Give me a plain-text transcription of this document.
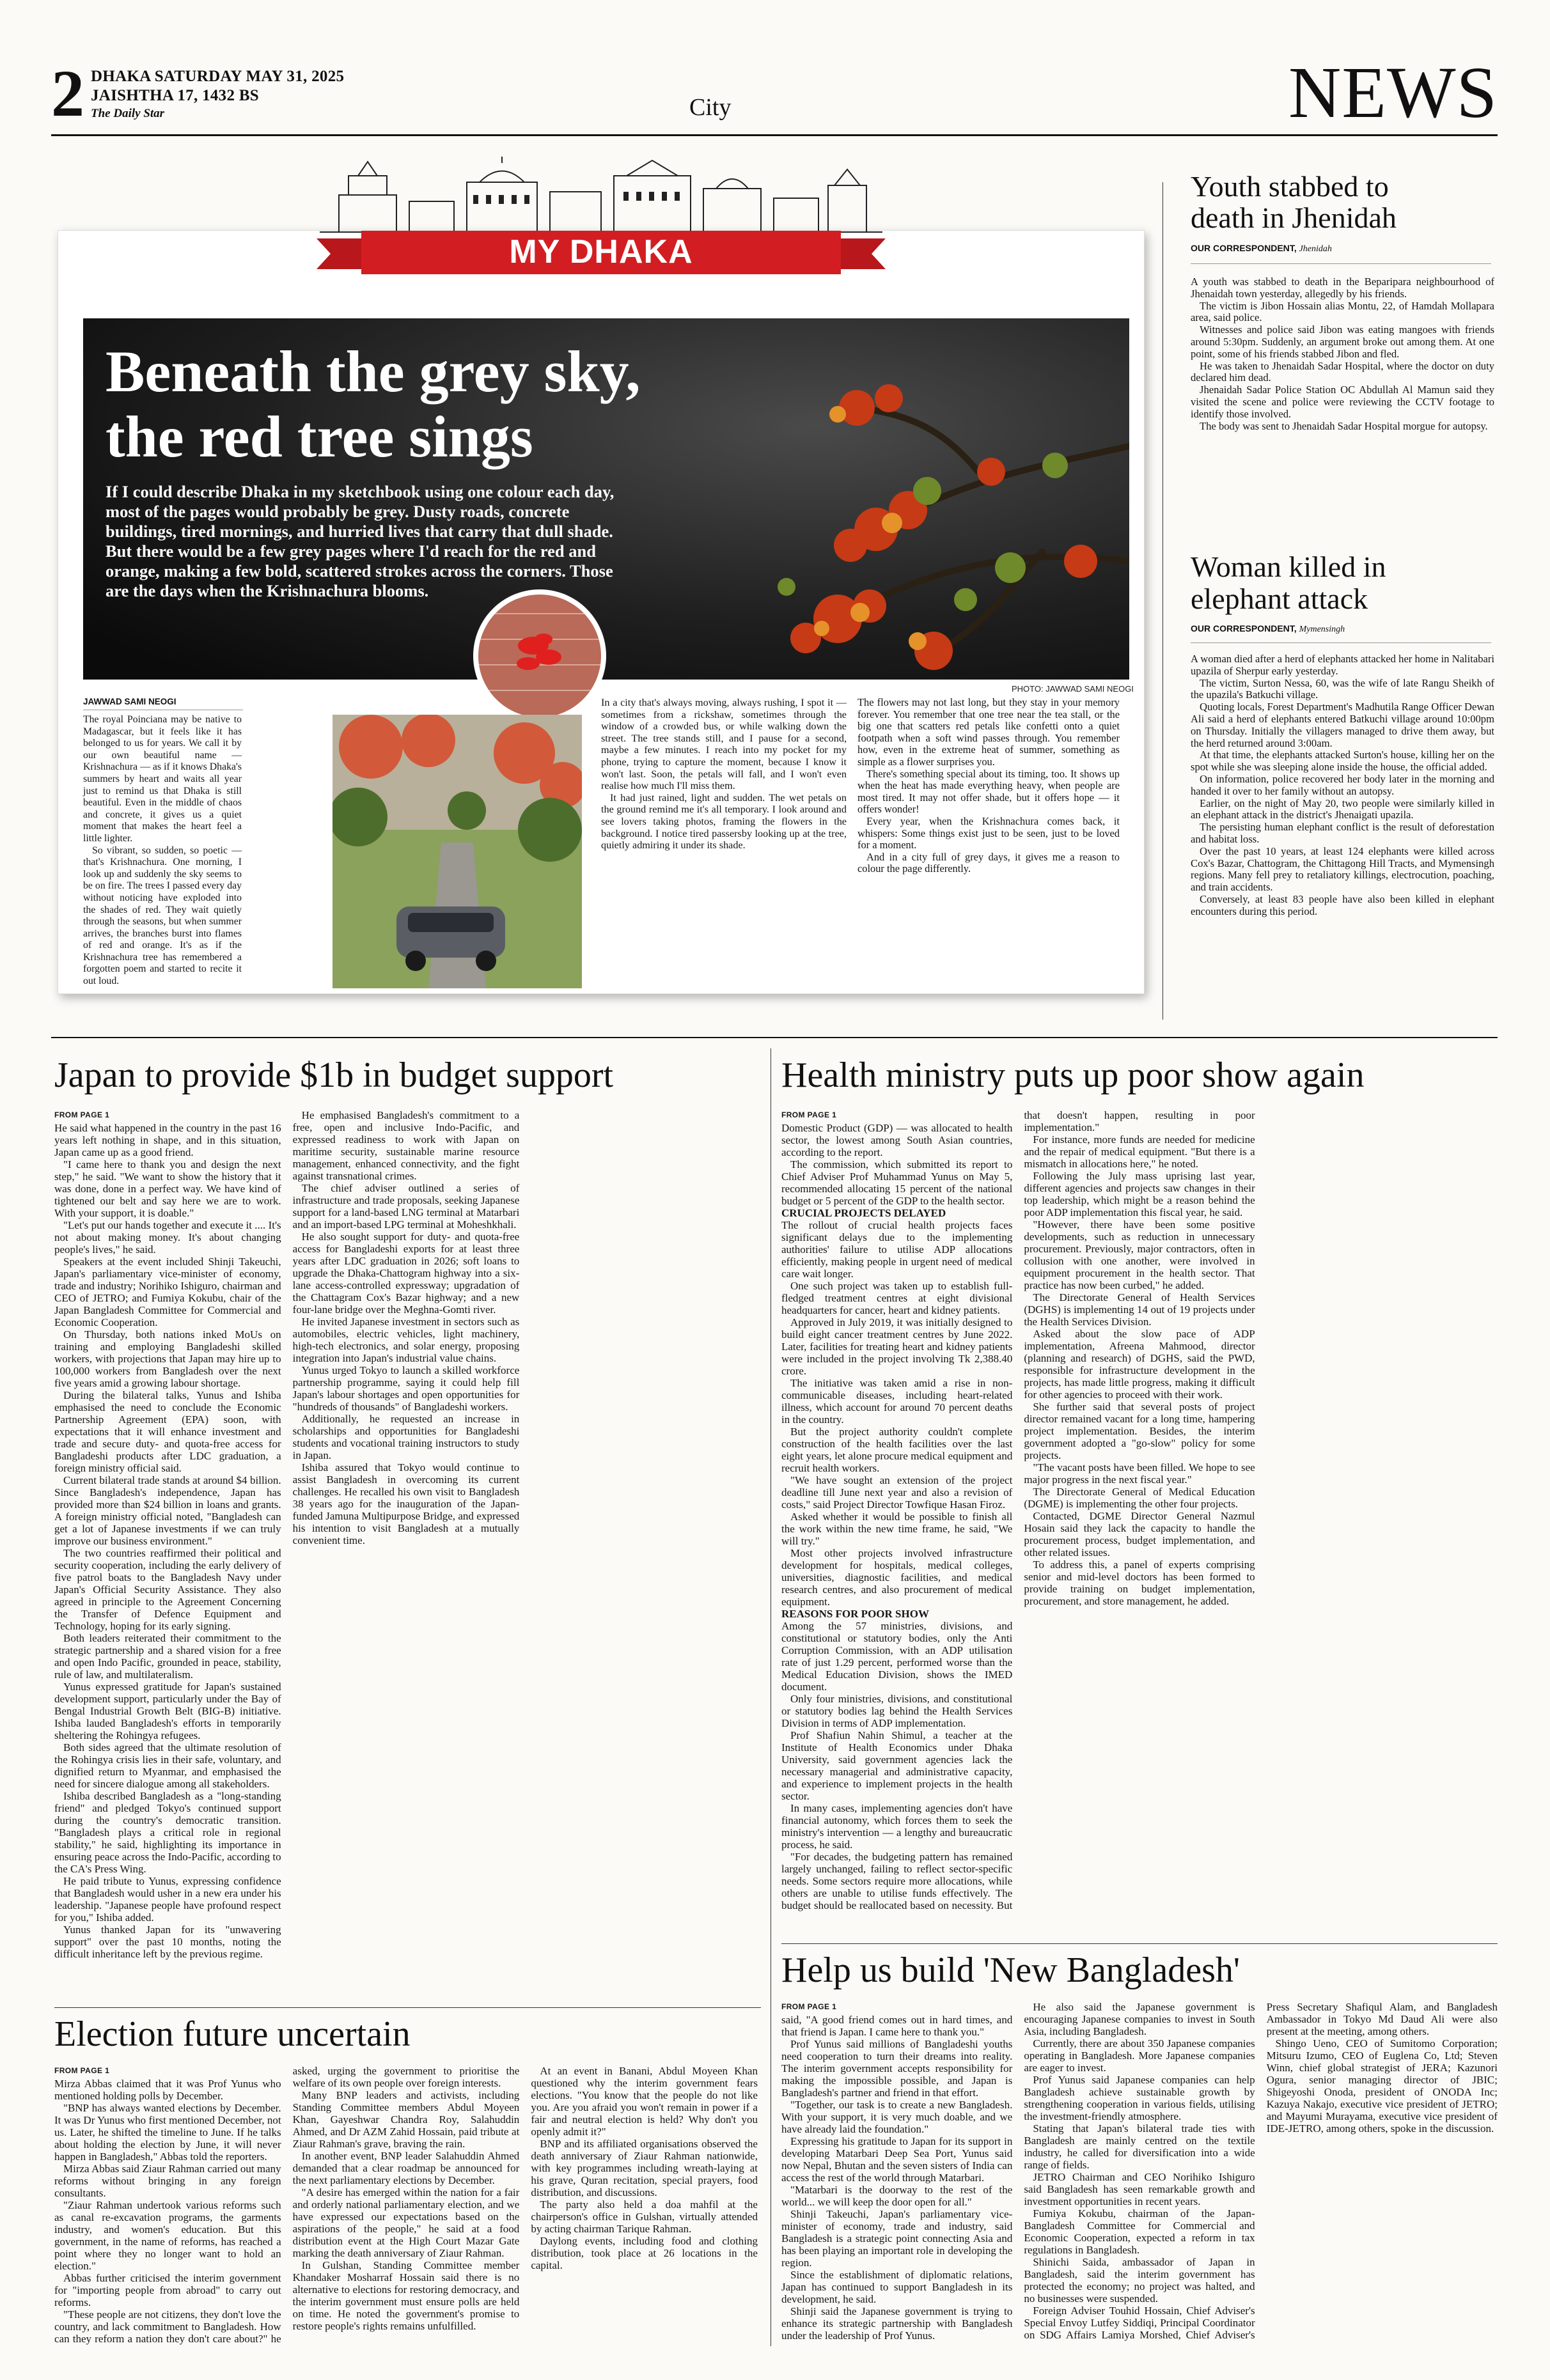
2 DHAKA SATURDAY MAY 31, 2025
JAISHTHA 17, 1432 BS
The Daily Star	City	NEWS
MY DHAKA
Beneath the grey sky,
the red tree sings
If I could describe Dhaka in my sketchbook using one colour each day, most of the pages would probably be grey. Dusty roads, concrete buildings, tired mornings, and hurried lives that carry that dull shade. But there would be a few grey pages where I'd reach for the red and orange, making a few bold, scattered strokes across the corners. Those are the days when the Krishnachura blooms.
PHOTO: JAWWAD SAMI NEOGI
JAWWAD SAMI NEOGI

The royal Poinciana may be native to Madagascar, but it feels like it has belonged to us for years. We call it by our own beautiful name — Krishnachura — as if it knows Dhaka's summers by heart and waits all year just to remind us that Dhaka is still beautiful. Even in the middle of chaos and concrete, it gives us a quiet moment that makes the heart feel a little lighter.

So vibrant, so sudden, so poetic — that's Krishnachura. One morning, I look up and suddenly the sky seems to be on fire. The trees I passed every day without noticing have exploded into the shades of red. They wait quietly through the seasons, but when summer arrives, the branches burst into flames of red and orange. It's as if the Krishnachura tree has remembered a forgotten poem and started to recite it out loud.

In a city that's always moving, always rushing, I spot it — sometimes from a rickshaw, sometimes through the window of a crowded bus, or while walking down the street. The tree stands still, and I pause for a second, maybe a few minutes. I reach into my pocket for my phone, trying to capture the moment, because I know it won't last. Soon, the petals will fall, and I won't even realise how much I'll miss them.

It had just rained, light and sudden. The wet petals on the ground remind me it's all temporary. I look around and see lovers taking photos, framing the flowers in the background. I notice tired passersby looking up at the tree, quietly admiring it under its shade.

The flowers may not last long, but they stay in your memory forever. You remember that one tree near the tea stall, or the big one that scatters red petals like confetti onto a quiet footpath when a soft wind passes through. You remember how, even in the extreme heat of summer, something as simple as a flower surprises you.

There's something special about its timing, too. It shows up when the heat has made everything heavy, when people are most tired. It may not offer shade, but it offers hope — it offers wonder!

Every year, when the Krishnachura comes back, it whispers: Some things exist just to be seen, just to be loved for a moment.

And in a city full of grey days, it gives me a reason to colour the page differently.

Youth stabbed to
death in Jhenidah
OUR CORRESPONDENT, Jhenidah

A youth was stabbed to death in the Beparipara neighbourhood of Jhenaidah town yesterday, allegedly by his friends.

The victim is Jibon Hossain alias Montu, 22, of Hamdah Mollapara area, said police.

Witnesses and police said Jibon was eating mangoes with friends around 5:30pm. Suddenly, an argument broke out among them. At one point, some of his friends stabbed Jibon and fled.

He was taken to Jhenaidah Sadar Hospital, where the doctor on duty declared him dead.

Jhenaidah Sadar Police Station OC Abdullah Al Mamun said they visited the scene and police were reviewing the CCTV footage to identify those involved.

The body was sent to Jhenaidah Sadar Hospital morgue for autopsy.

Woman killed in
elephant attack
OUR CORRESPONDENT, Mymensingh

A woman died after a herd of elephants attacked her home in Nalitabari upazila of Sherpur early yesterday.

The victim, Surton Nessa, 60, was the wife of late Rangu Sheikh of the upazila's Batkuchi village.

Quoting locals, Forest Department's Madhutila Range Officer Dewan Ali said a herd of elephants entered Batkuchi village around 10:00pm on Thursday. Initially the villagers managed to drive them away, but the herd returned around 3:00am.

At that time, the elephants attacked Surton's house, killing her on the spot while she was sleeping alone inside the house, the official added.

On information, police recovered her body later in the morning and handed it over to her family without an autopsy.

Earlier, on the night of May 20, two people were similarly killed in an elephant attack in the district's Jhenaigati upazila.

The persisting human elephant conflict is the result of deforestation and habitat loss.

Over the past 10 years, at least 124 elephants were killed across Cox's Bazar, Chattogram, the Chittagong Hill Tracts, and Mymensingh regions. Many fell prey to retaliatory killings, electrocution, poaching, and train accidents.

Conversely, at least 83 people have also been killed in elephant encounters during this period.

Japan to provide $1b in budget support
FROM PAGE 1

He said what happened in the country in the past 16 years left nothing in shape, and in this situation, Japan came up as a good friend.

"I came here to thank you and design the next step," he said. "We want to show the history that it was done, done in a perfect way. We have kind of tightened our belt and say here we are to work. With your support, it is doable."

"Let's put our hands together and execute it .... It's not about making money. It's about changing people's lives," he said.

Speakers at the event included Shinji Takeuchi, Japan's parliamentary vice-minister of economy, trade and industry; Norihiko Ishiguro, chairman and CEO of JETRO; and Fumiya Kokubu, chair of the Japan Bangladesh Committee for Commercial and Economic Cooperation.

On Thursday, both nations inked MoUs on training and employing Bangladeshi skilled workers, with projections that Japan may hire up to 100,000 workers from Bangladesh over the next five years amid a growing labour shortage.

During the bilateral talks, Yunus and Ishiba emphasised the need to conclude the Economic Partnership Agreement (EPA) soon, with expectations that it will enhance investment and trade and secure duty- and quota-free access for Bangladeshi products after LDC graduation, a foreign ministry official said.

Current bilateral trade stands at around $4 billion. Since Bangladesh's independence, Japan has provided more than $24 billion in loans and grants. A foreign ministry official noted, "Bangladesh can get a lot of Japanese investments if we can truly improve our business environment."

The two countries reaffirmed their political and security cooperation, including the early delivery of five patrol boats to the Bangladesh Navy under Japan's Official Security Assistance. They also agreed in principle to the Agreement Concerning the Transfer of Defence Equipment and Technology, hoping for its early signing.

Both leaders reiterated their commitment to the strategic partnership and a shared vision for a free and open Indo Pacific, grounded in peace, stability, rule of law, and multilateralism.

Yunus expressed gratitude for Japan's sustained development support, particularly under the Bay of Bengal Industrial Growth Belt (BIG-B) initiative. Ishiba lauded Bangladesh's efforts in temporarily sheltering the Rohingya refugees.

Both sides agreed that the ultimate resolution of the Rohingya crisis lies in their safe, voluntary, and dignified return to Myanmar, and emphasised the need for sincere dialogue among all stakeholders.

Ishiba described Bangladesh as a "long-standing friend" and pledged Tokyo's continued support during the country's democratic transition. "Bangladesh plays a critical role in regional stability," he said, highlighting its importance in ensuring peace across the Indo-Pacific, according to the CA's Press Wing.

He paid tribute to Yunus, expressing confidence that Bangladesh would usher in a new era under his leadership. "Japanese people have profound respect for you," Ishiba added.

Yunus thanked Japan for its "unwavering support" over the past 10 months, noting the difficult inheritance left by the previous regime.

He emphasised Bangladesh's commitment to a free, open and inclusive Indo-Pacific, and expressed readiness to work with Japan on maritime security, sustainable marine resource management, enhanced connectivity, and the fight against transnational crimes.

The chief adviser outlined a series of infrastructure and trade proposals, seeking Japanese support for a land-based LNG terminal at Matarbari and an import-based LPG terminal at Moheshkhali.

He also sought support for duty- and quota-free access for Bangladeshi exports for at least three years after LDC graduation in 2026; soft loans to upgrade the Dhaka-Chattogram highway into a six-lane access-controlled expressway; upgradation of the Chattagram Cox's Bazar highway; and a new four-lane bridge over the Meghna-Gomti river.

He invited Japanese investment in sectors such as automobiles, electric vehicles, light machinery, high-tech electronics, and solar energy, proposing integration into Japan's industrial value chains.

Yunus urged Tokyo to launch a skilled workforce partnership programme, saying it could help fill Japan's labour shortages and open opportunities for "hundreds of thousands" of Bangladeshi workers.

Additionally, he requested an increase in scholarships and opportunities for Bangladeshi students and vocational training instructors to study in Japan.

Ishiba assured that Tokyo would continue to assist Bangladesh in overcoming its current challenges. He recalled his own visit to Bangladesh 38 years ago for the inauguration of the Japan-funded Jamuna Multipurpose Bridge, and expressed his intention to visit Bangladesh at a mutually convenient time.

Election future uncertain
FROM PAGE 1

Mirza Abbas claimed that it was Prof Yunus who mentioned holding polls by December.

"BNP has always wanted elections by December. It was Dr Yunus who first mentioned December, not us. Later, he shifted the timeline to June. If he talks about holding the election by June, it will never happen in Bangladesh," Abbas told the reporters.

Mirza Abbas said Ziaur Rahman carried out many reforms without bringing in any foreign consultants.

"Ziaur Rahman undertook various reforms such as canal re-excavation programs, the garments industry, and women's education. But this government, in the name of reforms, has reached a point where they no longer want to hold an election."

Abbas further criticised the interim government for "importing people from abroad" to carry out reforms.

"These people are not citizens, they don't love the country, and lack commitment to Bangladesh. How can they reform a nation they don't care about?" he asked, urging the government to prioritise the welfare of its own people over foreign interests.

Many BNP leaders and activists, including Standing Committee members Abdul Moyeen Khan, Gayeshwar Chandra Roy, Salahuddin Ahmed, and Dr AZM Zahid Hossain, paid tribute at Ziaur Rahman's grave, braving the rain.

In another event, BNP leader Salahuddin Ahmed demanded that a clear roadmap be announced for the next parliamentary elections by December.

"A desire has emerged within the nation for a fair and orderly national parliamentary election, and we have expressed our expectations based on the aspirations of the people," he said at a food distribution event at the High Court Mazar Gate marking the death anniversary of Ziaur Rahman.

In Gulshan, Standing Committee member Khandaker Mosharraf Hossain said there is no alternative to elections for restoring democracy, and the interim government must ensure polls are held on time. He noted the government's promise to restore people's rights remains unfulfilled.

At an event in Banani, Abdul Moyeen Khan questioned why the interim government fears elections. "You know that the people do not like you. Are you afraid you won't remain in power if a fair and neutral election is held? Why don't you openly admit it?"

BNP and its affiliated organisations observed the death anniversary of Ziaur Rahman nationwide, with key programmes including wreath-laying at his grave, Quran recitation, special prayers, food distribution, and discussions.

The party also held a doa mahfil at the chairperson's office in Gulshan, virtually attended by acting chairman Tarique Rahman.

Daylong events, including food and clothing distribution, took place at 26 locations in the capital.

Health ministry puts up poor show again
FROM PAGE 1

Domestic Product (GDP) — was allocated to health sector, the lowest among South Asian countries, according to the report.

The commission, which submitted its report to Chief Adviser Prof Muhammad Yunus on May 5, recommended allocating 15 percent of the national budget or 5 percent of the GDP to the health sector.

CRUCIAL PROJECTS DELAYED

The rollout of crucial health projects faces significant delays due to the implementing authorities' failure to utilise ADP allocations efficiently, making people in urgent need of medical care wait longer.

One such project was taken up to establish full-fledged treatment centres at eight divisional headquarters for cancer, heart and kidney patients.

Approved in July 2019, it was initially designed to build eight cancer treatment centres by June 2022. Later, facilities for treating heart and kidney patients were included in the project involving Tk 2,388.40 crore.

The initiative was taken amid a rise in non-communicable diseases, including heart-related illness, which account for around 70 percent deaths in the country.

But the project authority couldn't complete construction of the health facilities over the last eight years, let alone procure medical equipment and recruit health workers.

"We have sought an extension of the project deadline till June next year and also a revision of costs," said Project Director Towfique Hasan Firoz.

Asked whether it would be possible to finish all the work within the new time frame, he said, "We will try."

Most other projects involved infrastructure development for hospitals, medical colleges, universities, diagnostic facilities, and medical research centres, and also procurement of medical equipment.

REASONS FOR POOR SHOW

Among the 57 ministries, divisions, and constitutional or statutory bodies, only the Anti Corruption Commission, with an ADP utilisation rate of just 1.29 percent, performed worse than the Medical Education Division, shows the IMED document.

Only four ministries, divisions, and constitutional or statutory bodies lag behind the Health Services Division in terms of ADP implementation.

Prof Shafiun Nahin Shimul, a teacher at the Institute of Health Economics under Dhaka University, said government agencies lack the necessary managerial and administrative capacity, and experience to implement projects in the health sector.

In many cases, implementing agencies don't have financial autonomy, which forces them to seek the ministry's intervention — a lengthy and bureaucratic process, he said.

"For decades, the budgeting pattern has remained largely unchanged, failing to reflect sector-specific needs. Some sectors require more allocations, while others are unable to utilise funds effectively. The budget should be reallocated based on necessity. But that doesn't happen, resulting in poor implementation."

For instance, more funds are needed for medicine and the repair of medical equipment. "But there is a mismatch in allocations here," he noted.

Following the July mass uprising last year, different agencies and projects saw changes in their top leadership, which might be a reason behind the poor ADP implementation this fiscal year, he said.

"However, there have been some positive developments, such as reduction in unnecessary procurement. Previously, major contractors, often in collusion with one another, were involved in equipment procurement in the health sector. That practice has now been curbed," he added.

The Directorate General of Health Services (DGHS) is implementing 14 out of 19 projects under the Health Services Division.

Asked about the slow pace of ADP implementation, Afreena Mahmood, director (planning and research) of DGHS, said the PWD, responsible for infrastructure development in the projects, has made little progress, making it difficult for other agencies to proceed with their work.

She further said that several posts of project director remained vacant for a long time, hampering project implementation. Besides, the interim government adopted a "go-slow" policy for some projects.

"The vacant posts have been filled. We hope to see major progress in the next fiscal year."

The Directorate General of Medical Education (DGME) is implementing the other four projects.

Contacted, DGME Director General Nazmul Hosain said they lack the capacity to handle the procurement process, budget implementation, and other related issues.

To address this, a panel of experts comprising senior and mid-level doctors has been formed to provide training on budget implementation, procurement, and store management, he added.

Help us build 'New Bangladesh'
FROM PAGE 1

said, "A good friend comes out in hard times, and that friend is Japan. I came here to thank you."

Prof Yunus said millions of Bangladeshi youths need cooperation to turn their dreams into reality. The interim government accepts responsibility for making the impossible possible, and Japan is Bangladesh's partner and friend in that effort.

"Together, our task is to create a new Bangladesh. With your support, it is very much doable, and we have already laid the foundation."

Expressing his gratitude to Japan for its support in developing Matarbari Deep Sea Port, Yunus said now Nepal, Bhutan and the seven sisters of India can access the rest of the world through Matarbari.

"Matarbari is the doorway to the rest of the world... we will keep the door open for all."

Shinji Takeuchi, Japan's parliamentary vice-minister of economy, trade and industry, said Bangladesh is a strategic point connecting Asia and has been playing an important role in developing the region.

Since the establishment of diplomatic relations, Japan has continued to support Bangladesh in its development, he said.

Shinji said the Japanese government is trying to enhance its strategic partnership with Bangladesh under the leadership of Prof Yunus.

He also said the Japanese government is encouraging Japanese companies to invest in South Asia, including Bangladesh.

Currently, there are about 350 Japanese companies operating in Bangladesh. More Japanese companies are eager to invest.

Prof Yunus said Japanese companies can help Bangladesh achieve sustainable growth by strengthening cooperation in various fields, utilising the investment-friendly atmosphere.

Stating that Japan's bilateral trade ties with Bangladesh are mainly centred on the textile industry, he called for diversification into a wide range of fields.

JETRO Chairman and CEO Norihiko Ishiguro said Bangladesh has seen remarkable growth and investment opportunities in recent years.

Fumiya Kokubu, chairman of the Japan-Bangladesh Committee for Commercial and Economic Cooperation, expected a reform in tax regulations in Bangladesh.

Shinichi Saida, ambassador of Japan in Bangladesh, said the interim government has protected the economy; no project was halted, and no businesses were suspended.

Foreign Adviser Touhid Hossain, Chief Adviser's Special Envoy Lutfey Siddiqi, Principal Coordinator on SDG Affairs Lamiya Morshed, Chief Adviser's Press Secretary Shafiqul Alam, and Bangladesh Ambassador in Tokyo Md Daud Ali were also present at the meeting, among others.

Shingo Ueno, CEO of Sumitomo Corporation; Mitsuru Izumo, CEO of Euglena Co, Ltd; Steven Winn, chief global strategist of JERA; Kazunori Ogura, senior managing director of JBIC; Shigeyoshi Onoda, president of ONODA Inc; Kazuya Nakajo, executive vice president of JETRO; and Mayumi Murayama, executive vice president of IDE-JETRO, among others, spoke in the discussion.
